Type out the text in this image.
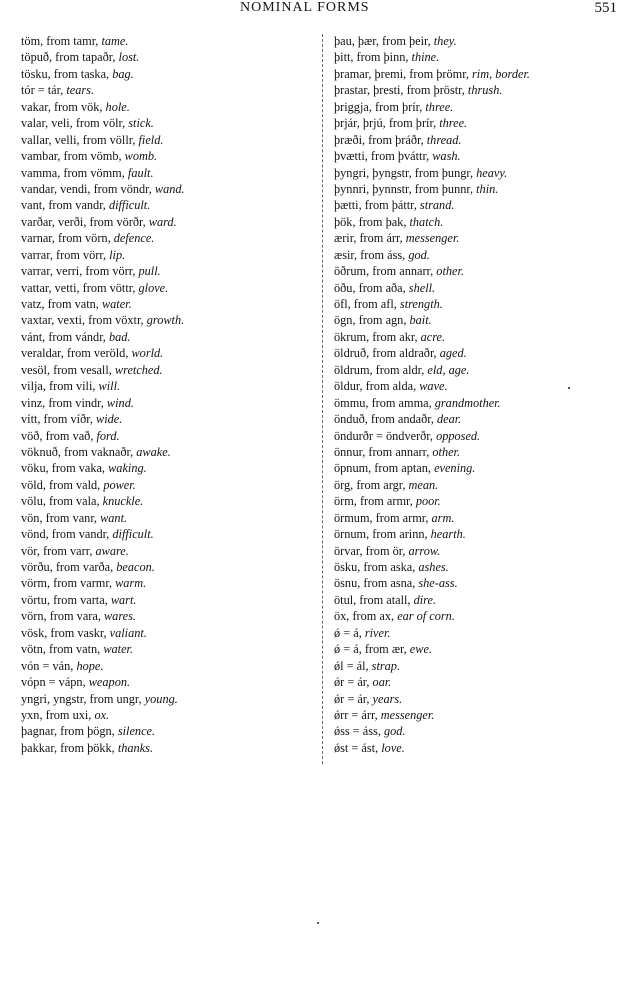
NOMINAL FORMS	551
töm, from tamr, tame.
töpuð, from tapaðr, lost.
tösku, from taska, bag.
tór = tár, tears.
vakar, from vök, hole.
valar, veli, from völr, stick.
vallar, velli, from völlr, field.
vambar, from vömb, womb.
vamma, from vömm, fault.
vandar, vendi, from vöndr, wand.
vant, from vandr, difficult.
varðar, verði, from vörðr, ward.
varnar, from vörn, defence.
varrar, from vörr, lip.
varrar, verri, from vörr, pull.
vattar, vetti, from vöttr, glove.
vatz, from vatn, water.
vaxtar, vexti, from vöxtr, growth.
vánt, from vándr, bad.
veraldar, from veröld, world.
vesöl, from vesall, wretched.
vilja, from vili, will.
vinz, from vindr, wind.
vítt, from víðr, wide.
vöð, from vað, ford.
vöknuð, from vaknaðr, awake.
vöku, from vaka, waking.
völd, from vald, power.
völu, from vala, knuckle.
vön, from vanr, want.
vönd, from vandr, difficult.
vör, from varr, aware.
vörðu, from varða, beacon.
vörm, from varmr, warm.
vörtu, from varta, wart.
vörn, from vara, wares.
vösk, from vaskr, valiant.
vötn, from vatn, water.
vón = ván, hope.
vópn = vápn, weapon.
yngri, yngstr, from ungr, young.
yxn, from uxi, ox.
þagnar, from þögn, silence.
þakkar, from þökk, thanks.
þau, þær, from þeir, they.
þitt, from þinn, thine.
þramar, þremi, from þrömr, rim, border.
þrastar, þresti, from þröstr, thrush.
þriggja, from þrír, three.
þrjár, þrjú, from þrír, three.
þræði, from þráðr, thread.
þvætti, from þváttr, wash.
þyngri, þyngstr, from þungr, heavy.
þynnri, þynnstr, from þunnr, thin.
þætti, from þáttr, strand.
þök, from þak, thatch.
ærir, from árr, messenger.
æsir, from áss, god.
öðrum, from annarr, other.
öðu, from aða, shell.
öfl, from afl, strength.
ögn, from agn, bait.
ökrum, from akr, acre.
öldruð, from aldraðr, aged.
öldrum, from aldr, eld, age.
öldur, from alda, wave.
ömmu, from amma, grandmother.
önduð, from andaðr, dear.
öndurðr = öndverðr, opposed.
önnur, from annarr, other.
öpnum, from aptan, evening.
örg, from argr, mean.
örm, from armr, poor.
örmum, from armr, arm.
örnum, from arinn, hearth.
örvar, from ör, arrow.
ösku, from aska, ashes.
ösnu, from asna, she-ass.
ötul, from atall, dire.
öx, from ax, ear of corn.
ǿ = á, river.
ǿ = á, from ær, ewe.
ǿl = ál, strap.
ǿr = ár, oar.
ǿr = ár, years.
ǿrr = árr, messenger.
ǿss = áss, god.
ǿst = ást, love.
